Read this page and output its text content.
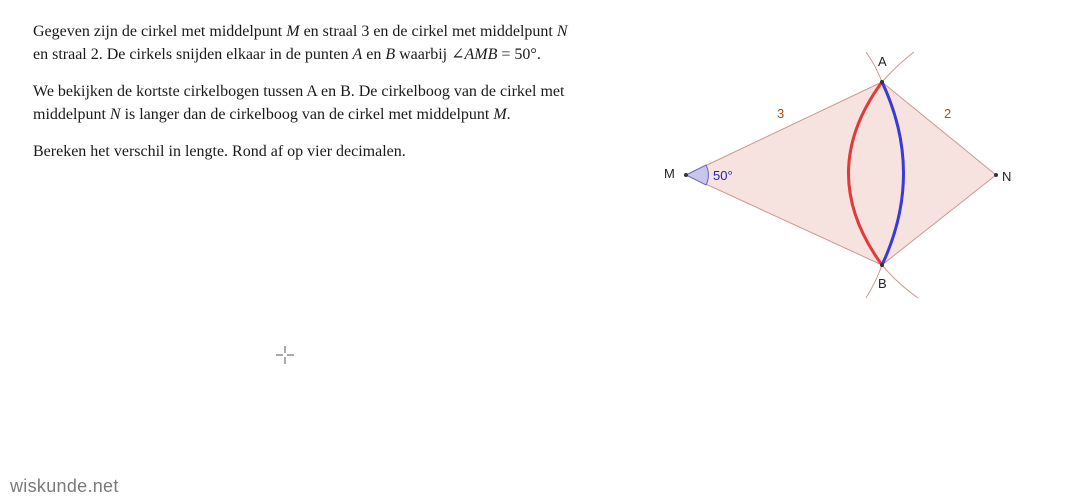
Gegeven zijn de cirkel met middelpunt M en straal 3 en de cirkel met middelpunt N en straal 2. De cirkels snijden elkaar in de punten A en B waarbij ∠AMB = 50°.

We bekijken de kortste cirkelbogen tussen A en B. De cirkelboog van de cirkel met middelpunt N is langer dan de cirkelboog van de cirkel met middelpunt M.

Bereken het verschil in lengte. Rond af op vier decimalen.

A
B
M	N
3	2
50°
wiskunde.net
